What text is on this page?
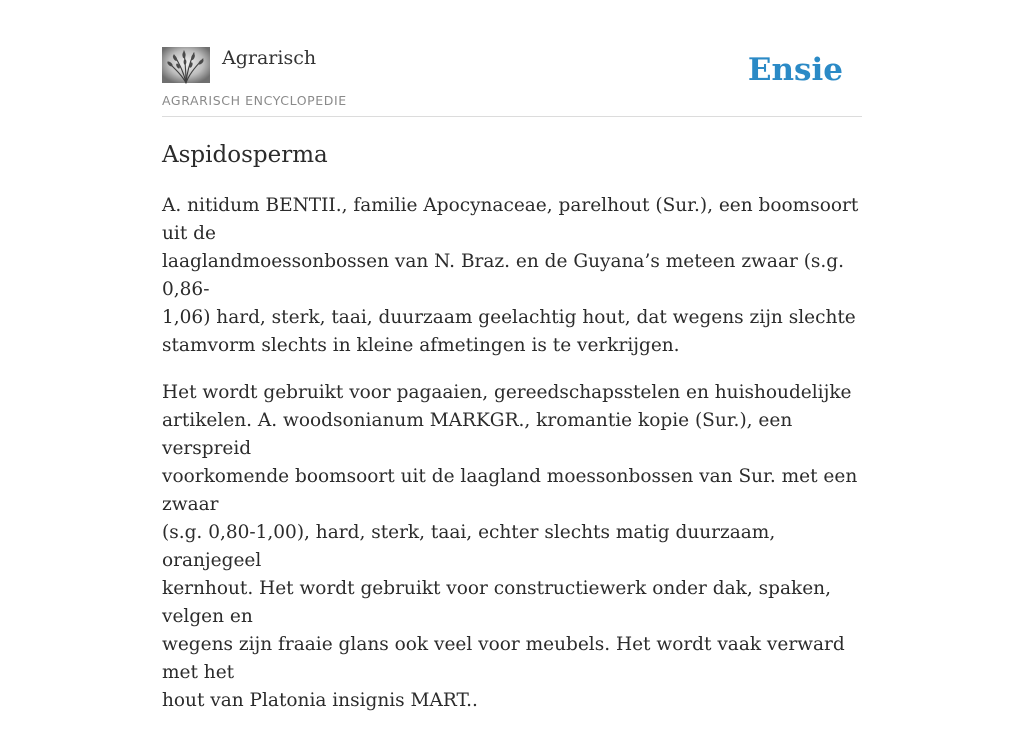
Agrarisch
AGRARISCH ENCYCLOPEDIE
Ensie
Aspidosperma

A. nitidum BENTII., familie Apocynaceae, parelhout (Sur.), een boomsoort uit de
laaglandmoessonbossen van N. Braz. en de Guyana’s meteen zwaar (s.g. 0,86-
1,06) hard, sterk, taai, duurzaam geelachtig hout, dat wegens zijn slechte
stamvorm slechts in kleine afmetingen is te verkrijgen.

Het wordt gebruikt voor pagaaien, gereedschapsstelen en huishoudelijke
artikelen. A. woodsonianum MARKGR., kromantie kopie (Sur.), een verspreid
voorkomende boomsoort uit de laagland moessonbossen van Sur. met een zwaar
(s.g. 0,80-1,00), hard, sterk, taai, echter slechts matig duurzaam, oranjegeel
kernhout. Het wordt gebruikt voor constructiewerk onder dak, spaken, velgen en
wegens zijn fraaie glans ook veel voor meubels. Het wordt vaak verward met het
hout van Platonia insignis MART..
